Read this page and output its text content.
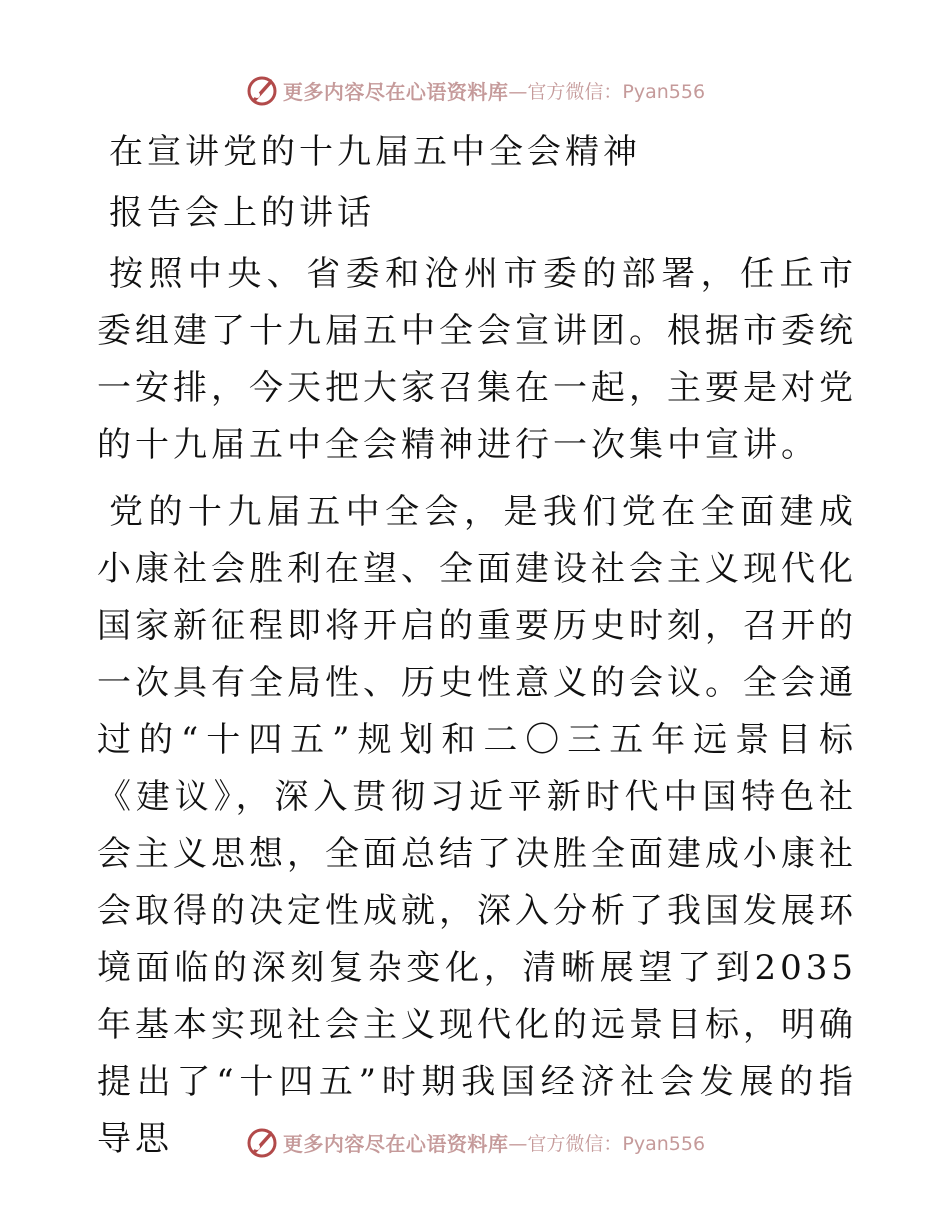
更多内容尽在心语资料库 —官方微信：Pyan556

在宣讲党的十九届五中全会精神

报告会上的讲话

按照中央、省委和沧州市委的部署，任丘市委组建了十九届五中全会宣讲团。根据市委统一安排，今天把大家召集在一起，主要是对党的十九届五中全会精神进行一次集中宣讲。

党的十九届五中全会，是我们党在全面建成小康社会胜利在望、全面建设社会主义现代化国家新征程即将开启的重要历史时刻，召开的一次具有全局性、历史性意义的会议。全会通过的“十四五”规划和二〇三五年远景目标《建议》，深入贯彻习近平新时代中国特色社会主义思想，全面总结了决胜全面建成小康社会取得的决定性成就，深入分析了我国发展环境面临的深刻复杂变化，清晰展望了到2035年基本实现社会主义现代化的远景目标，明确提出了“十四五”时期我国经济社会发展的指导思	更多内容尽在心语资料库 —官方微信：Pyan556
